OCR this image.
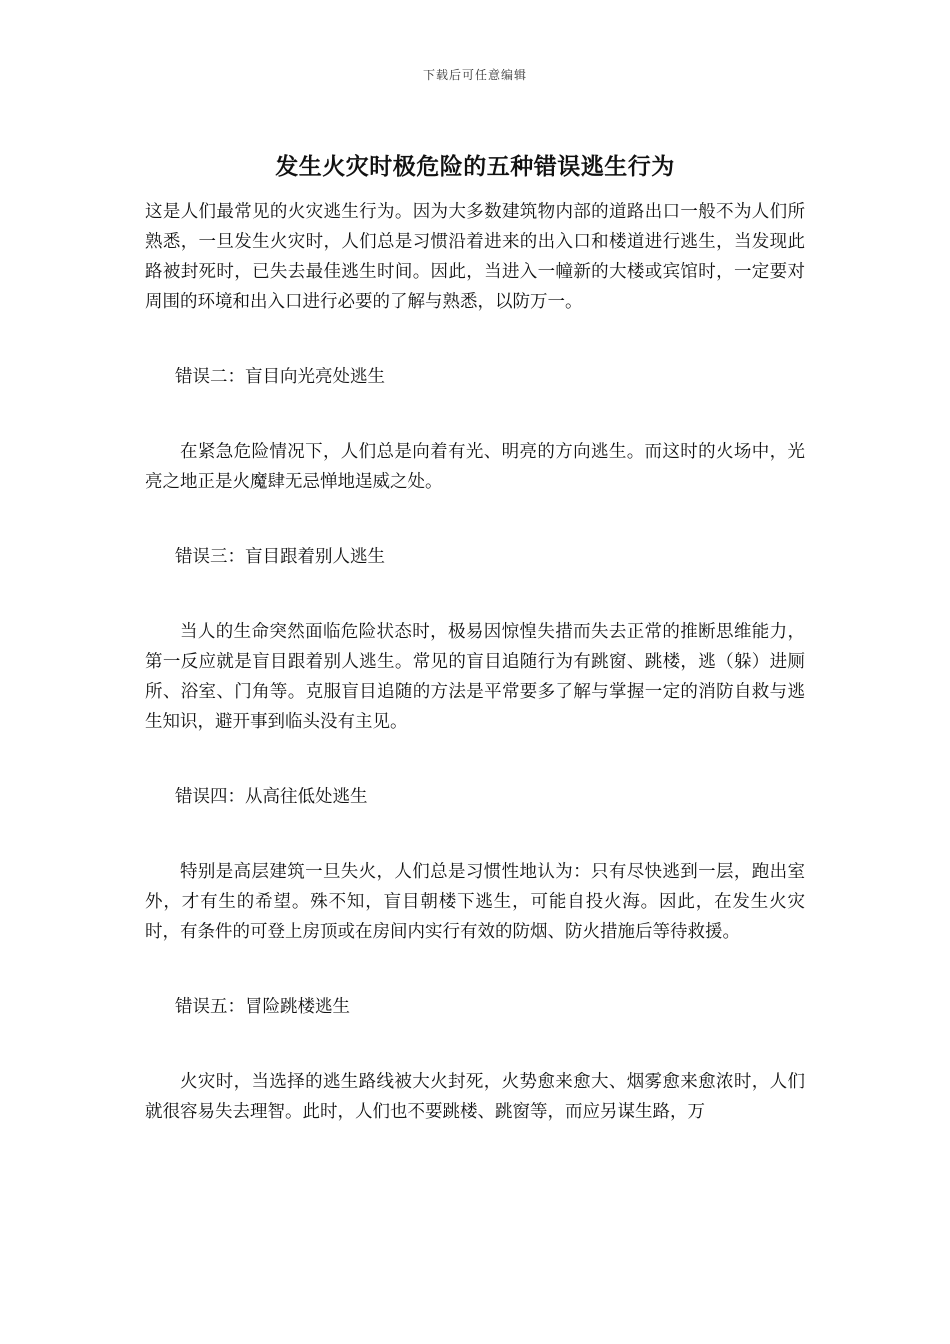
下载后可任意编辑
发生火灾时极危险的五种错误逃生行为

这是人们最常见的火灾逃生行为。因为大多数建筑物内部的道路出口一般不为人们所熟悉，一旦发生火灾时，人们总是习惯沿着进来的出入口和楼道进行逃生，当发现此路被封死时，已失去最佳逃生时间。因此，当进入一幢新的大楼或宾馆时，一定要对周围的环境和出入口进行必要的了解与熟悉，以防万一。

错误二：盲目向光亮处逃生

在紧急危险情况下，人们总是向着有光、明亮的方向逃生。而这时的火场中，光亮之地正是火魔肆无忌惮地逞威之处。

错误三：盲目跟着别人逃生

当人的生命突然面临危险状态时，极易因惊惶失措而失去正常的推断思维能力，第一反应就是盲目跟着别人逃生。常见的盲目追随行为有跳窗、跳楼，逃（躲）进厕所、浴室、门角等。克服盲目追随的方法是平常要多了解与掌握一定的消防自救与逃生知识，避开事到临头没有主见。

错误四：从高往低处逃生

特别是高层建筑一旦失火，人们总是习惯性地认为：只有尽快逃到一层，跑出室外，才有生的希望。殊不知，盲目朝楼下逃生，可能自投火海。因此，在发生火灾时，有条件的可登上房顶或在房间内实行有效的防烟、防火措施后等待救援。

错误五：冒险跳楼逃生

火灾时，当选择的逃生路线被大火封死，火势愈来愈大、烟雾愈来愈浓时，人们就很容易失去理智。此时，人们也不要跳楼、跳窗等，而应另谋生路，万
